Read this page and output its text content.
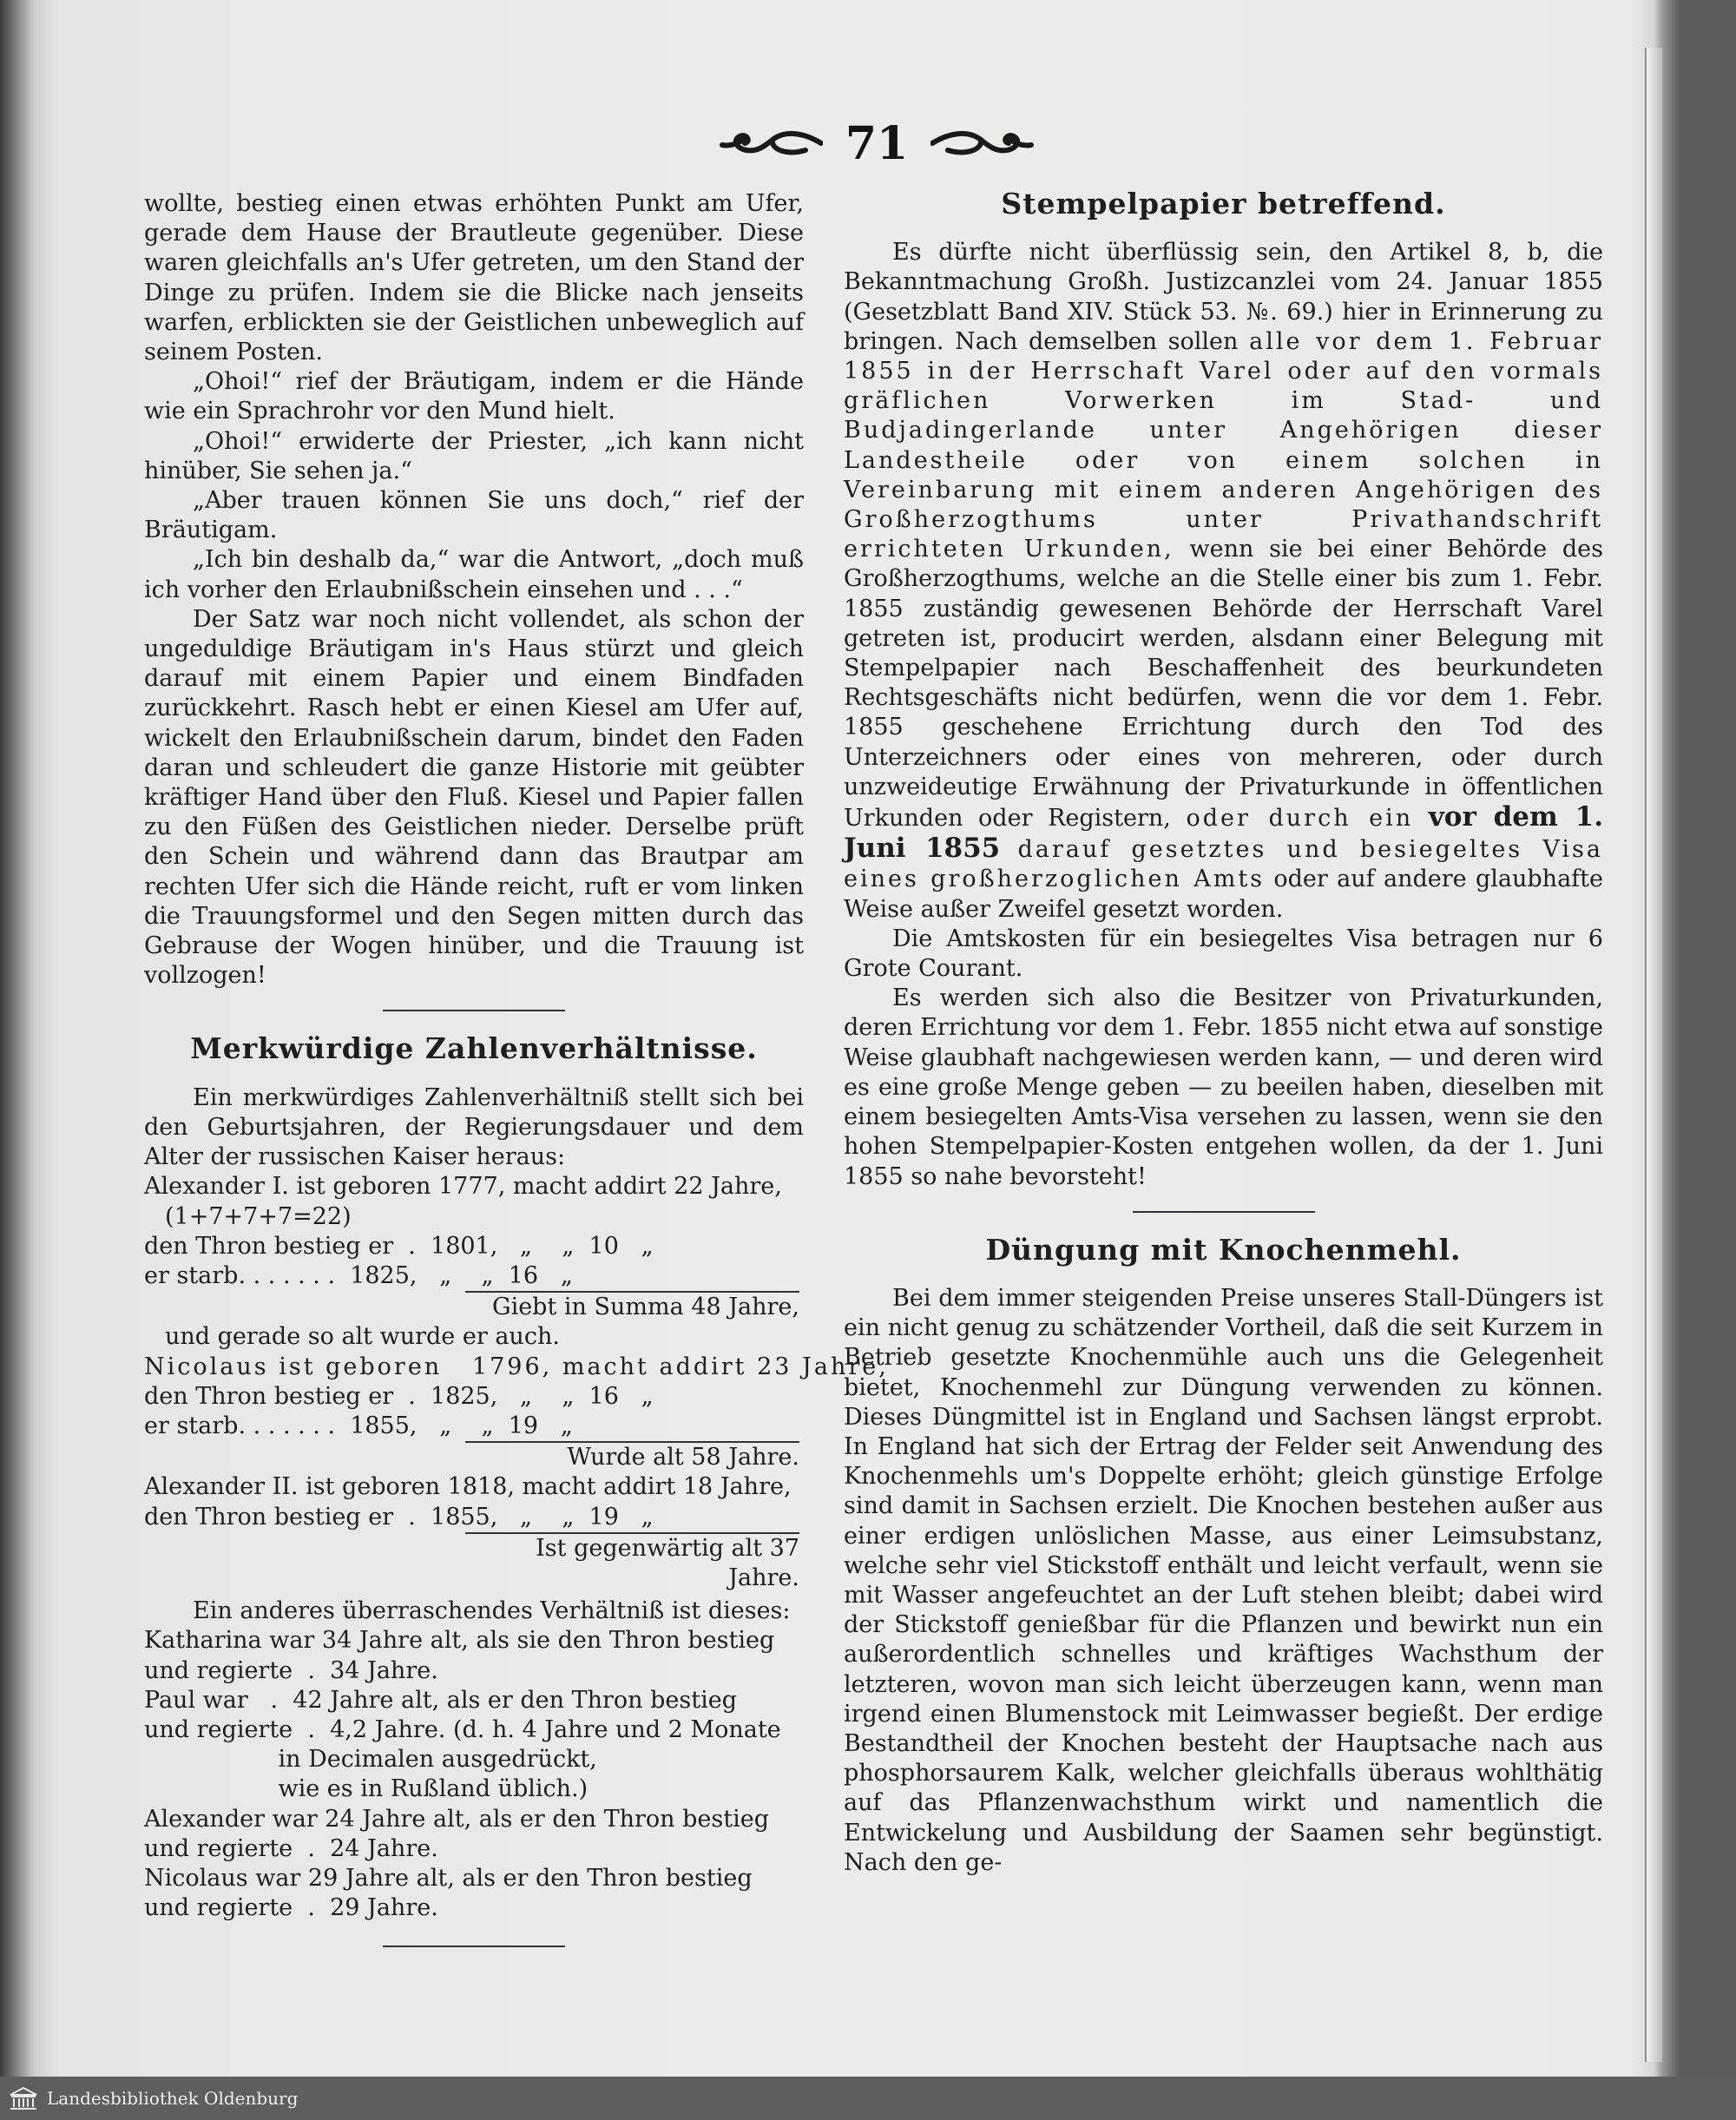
71

wollte, bestieg einen etwas erhöhten Punkt am Ufer, gerade dem Hause der Brautleute gegenüber. Diese waren gleichfalls an's Ufer getreten, um den Stand der Dinge zu prüfen. Indem sie die Blicke nach jenseits warfen, erblickten sie der Geistlichen unbeweglich auf seinem Posten.

„Ohoi!“ rief der Bräutigam, indem er die Hände wie ein Sprachrohr vor den Mund hielt.

„Ohoi!“ erwiderte der Priester, „ich kann nicht hinüber, Sie sehen ja.“

„Aber trauen können Sie uns doch,“ rief der Bräutigam.

„Ich bin deshalb da,“ war die Antwort, „doch muß ich vorher den Erlaubnißschein einsehen und . . .“

Der Satz war noch nicht vollendet, als schon der ungeduldige Bräutigam in's Haus stürzt und gleich darauf mit einem Papier und einem Bindfaden zurückkehrt. Rasch hebt er einen Kiesel am Ufer auf, wickelt den Erlaubnißschein darum, bindet den Faden daran und schleudert die ganze Historie mit geübter kräftiger Hand über den Fluß. Kiesel und Papier fallen zu den Füßen des Geistlichen nieder. Derselbe prüft den Schein und während dann das Brautpar am rechten Ufer sich die Hände reicht, ruft er vom linken die Trauungsformel und den Segen mitten durch das Gebrause der Wogen hinüber, und die Trauung ist vollzogen!

Merkwürdige Zahlenverhältnisse.

Ein merkwürdiges Zahlenverhältniß stellt sich bei den Geburtsjahren, der Regierungsdauer und dem Alter der russischen Kaiser heraus:

Alexander I. ist geboren 1777, macht addirt 22 Jahre,
(1+7+7+7=22)
den Thron bestieg er  .  1801,   „    „  10   „
er starb. . . . . . .  1825,   „    „  16   „
Giebt in Summa 48 Jahre,
und gerade so alt wurde er auch.
Nicolaus ist geboren   1796, macht addirt 23 Jahre,
den Thron bestieg er  .  1825,   „    „  16   „
er starb. . . . . . .  1855,   „    „  19   „
Wurde alt 58 Jahre.
Alexander II. ist geboren 1818, macht addirt 18 Jahre,
den Thron bestieg er  .  1855,   „    „  19   „
Ist gegenwärtig alt 37 Jahre.

Ein anderes überraschendes Verhältniß ist dieses:

Katharina war 34 Jahre alt, als sie den Thron bestieg
und regierte  .  34 Jahre.
Paul war   .  42 Jahre alt, als er den Thron bestieg
und regierte  .  4,2 Jahre. (d. h. 4 Jahre und 2 Monate
in Decimalen ausgedrückt,
wie es in Rußland üblich.)
Alexander war 24 Jahre alt, als er den Thron bestieg
und regierte  .  24 Jahre.
Nicolaus war 29 Jahre alt, als er den Thron bestieg
und regierte  .  29 Jahre.
Stempelpapier betreffend.

Es dürfte nicht überflüssig sein, den Artikel 8, b, die Bekanntmachung Großh. Justizcanzlei vom 24. Januar 1855 (Gesetzblatt Band XIV. Stück 53. №. 69.) hier in Erinnerung zu bringen. Nach demselben sollen alle vor dem 1. Februar 1855 in der Herrschaft Varel oder auf den vormals gräflichen Vorwerken im Stad- und Budjadingerlande unter Angehörigen dieser Landestheile oder von einem solchen in Vereinbarung mit einem anderen Angehörigen des Großherzogthums unter Privathandschrift errichteten Urkunden, wenn sie bei einer Behörde des Großherzogthums, welche an die Stelle einer bis zum 1. Febr. 1855 zuständig gewesenen Behörde der Herrschaft Varel getreten ist, producirt werden, alsdann einer Belegung mit Stempelpapier nach Beschaffenheit des beurkundeten Rechtsgeschäfts nicht bedürfen, wenn die vor dem 1. Febr. 1855 geschehene Errichtung durch den Tod des Unterzeichners oder eines von mehreren, oder durch unzweideutige Erwähnung der Privaturkunde in öffentlichen Urkunden oder Registern, oder durch ein vor dem 1. Juni 1855 darauf gesetztes und besiegeltes Visa eines großherzoglichen Amts oder auf andere glaubhafte Weise außer Zweifel gesetzt worden.

Die Amtskosten für ein besiegeltes Visa betragen nur 6 Grote Courant.

Es werden sich also die Besitzer von Privaturkunden, deren Errichtung vor dem 1. Febr. 1855 nicht etwa auf sonstige Weise glaubhaft nachgewiesen werden kann, — und deren wird es eine große Menge geben — zu beeilen haben, dieselben mit einem besiegelten Amts-Visa versehen zu lassen, wenn sie den hohen Stempelpapier-Kosten entgehen wollen, da der 1. Juni 1855 so nahe bevorsteht!

Düngung mit Knochenmehl.

Bei dem immer steigenden Preise unseres Stall-Düngers ist ein nicht genug zu schätzender Vortheil, daß die seit Kurzem in Betrieb gesetzte Knochenmühle auch uns die Gelegenheit bietet, Knochenmehl zur Düngung verwenden zu können. Dieses Düngmittel ist in England und Sachsen längst erprobt. In England hat sich der Ertrag der Felder seit Anwendung des Knochenmehls um's Doppelte erhöht; gleich günstige Erfolge sind damit in Sachsen erzielt. Die Knochen bestehen außer aus einer erdigen unlöslichen Masse, aus einer Leimsubstanz, welche sehr viel Stickstoff enthält und leicht verfault, wenn sie mit Wasser angefeuchtet an der Luft stehen bleibt; dabei wird der Stickstoff genießbar für die Pflanzen und bewirkt nun ein außerordentlich schnelles und kräftiges Wachsthum der letzteren, wovon man sich leicht überzeugen kann, wenn man irgend einen Blumenstock mit Leimwasser begießt. Der erdige Bestandtheil der Knochen besteht der Hauptsache nach aus phosphorsaurem Kalk, welcher gleichfalls überaus wohlthätig auf das Pflanzenwachsthum wirkt und namentlich die Entwickelung und Ausbildung der Saamen sehr begünstigt. Nach den ge-

Landesbibliothek Oldenburg
